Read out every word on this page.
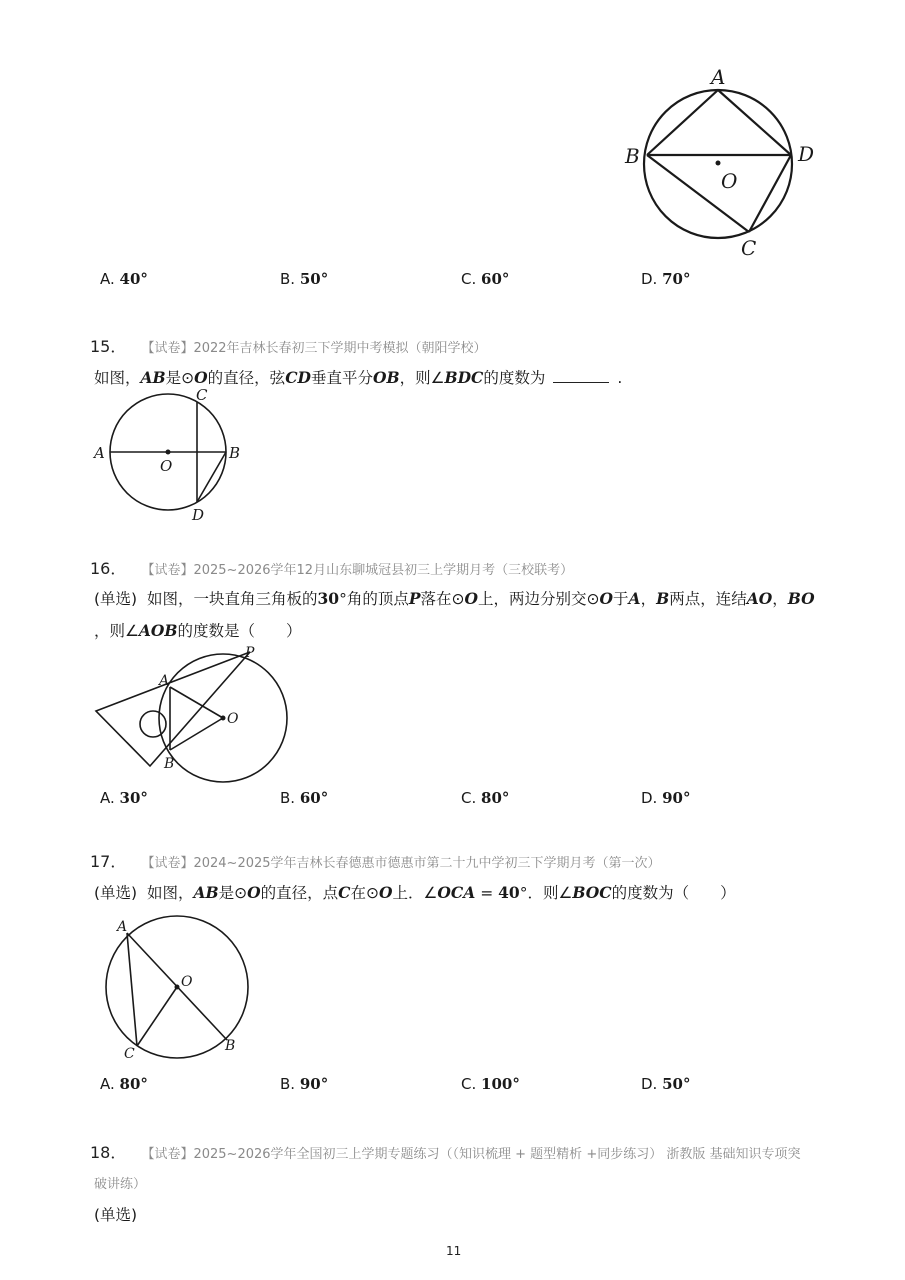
A
B	D
C
O
A. 40°	B. 50°	C. 60°	D. 70°
15． 【试卷】2022年吉林长春初三下学期中考模拟（朝阳学校）
如图，AB是⊙O的直径，弦CD垂直平分OB，则∠BDC的度数为	.
A
O
C
B
D
16． 【试卷】2025~2026学年12月山东聊城冠县初三上学期月考（三校联考）
(单选) 如图，一块直角三角板的30°角的顶点P落在⊙O上，两边分别交⊙O于A，B两点，连结AO，BO
，则∠AOB的度数是（　　）
P
A
O
B
A. 30°	B. 60°	C. 80°	D. 90°
17． 【试卷】2024~2025学年吉林长春德惠市德惠市第二十九中学初三下学期月考（第一次）
(单选) 如图，AB是⊙O的直径，点C在⊙O上．∠OCA = 40°．则∠BOC的度数为（　　）
A
O
C	B
A. 80°	B. 90°	C. 100°	D. 50°
18． 【试卷】2025~2026学年全国初三上学期专题练习（（知识梳理 + 题型精析 +同步练习） 浙教版 基础知识专项突
破讲练）
(单选)
11
